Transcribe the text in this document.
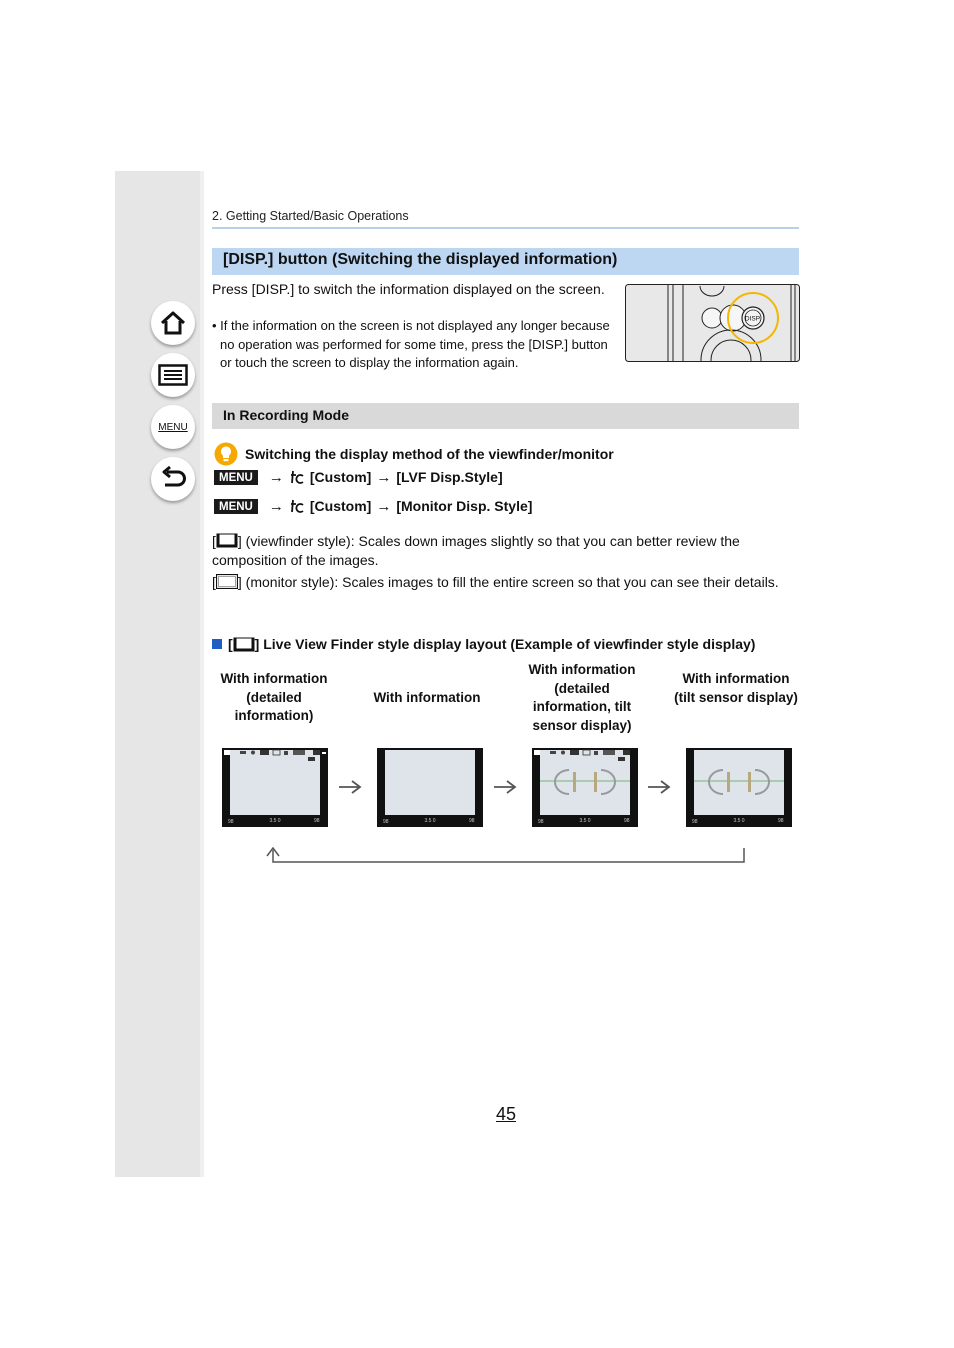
MENU
2. Getting Started/Basic Operations
[DISP.] button (Switching the displayed information)
Press [DISP.] to switch the information displayed on the screen.
• If the information on the screen is not displayed any longer because no operation was performed for some time, press the [DISP.] button or touch the screen to display the information again.
DISP.
In Recording Mode
Switching the display method of the viewfinder/monitor
MENU	→ [Custom] → [LVF Disp.Style]
MENU	→ [Custom] → [Monitor Disp. Style]
[ ] (viewfinder style): Scales down images slightly so that you can better review the composition of the images.
[ ] (monitor style): Scales images to fill the entire screen so that you can see their details.
[ ] Live View Finder style display layout (Example of viewfinder style display)
With information (detailed information)
With information
With information (detailed information, tilt sensor display)
With information (tilt sensor display)
98	3.5 0	98	98	3.5 0	98	98	3.5 0	98	98	3.5 0	98
45
